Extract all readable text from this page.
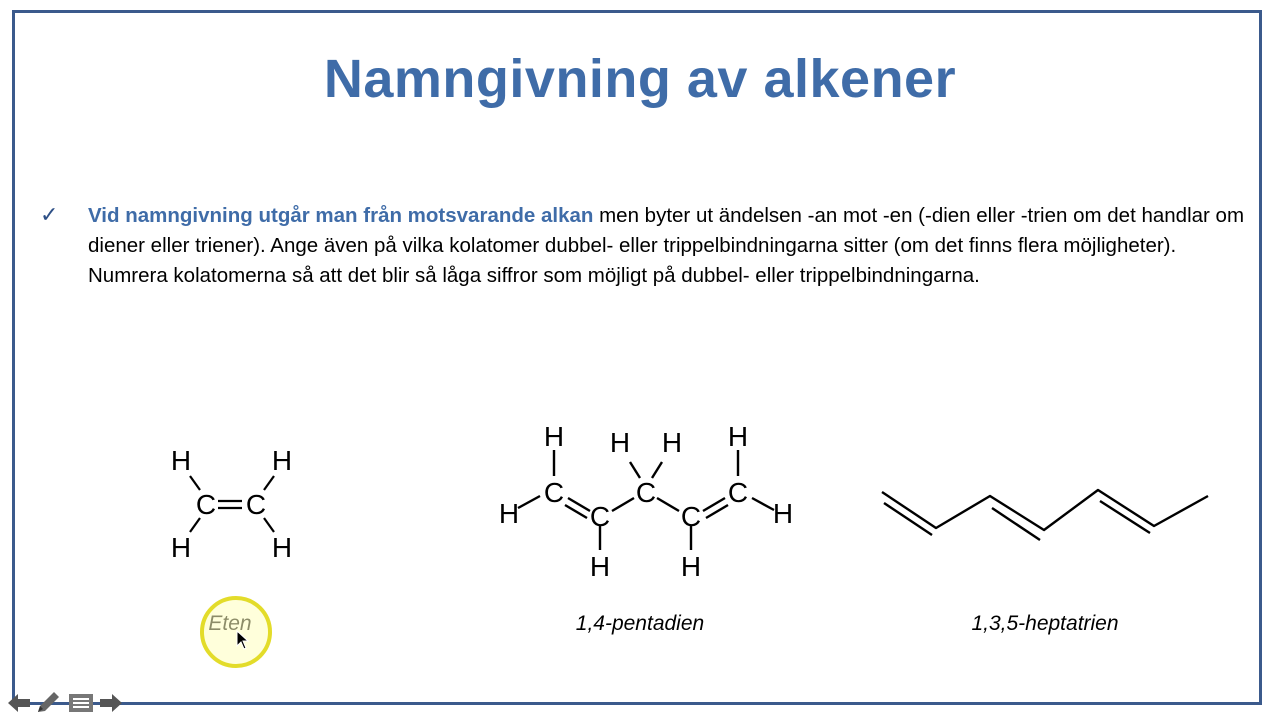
Namngivning av alkener
✓ Vid namngivning utgår man från motsvarande alkan men byter ut ändelsen -an mot -en (-dien eller -trien om det handlar om diener eller triener). Ange även på vilka kolatomer dubbel- eller trippelbindningarna sitter (om det finns flera möjligheter). Numrera kolatomerna så att det blir så låga siffror som möjligt på dubbel- eller trippelbindningarna.
C C
H	H
H	H
C
C
C
C
C
H
H
H
H H
H
H
H
1,4-pentadien	1,3,5-heptatrien
